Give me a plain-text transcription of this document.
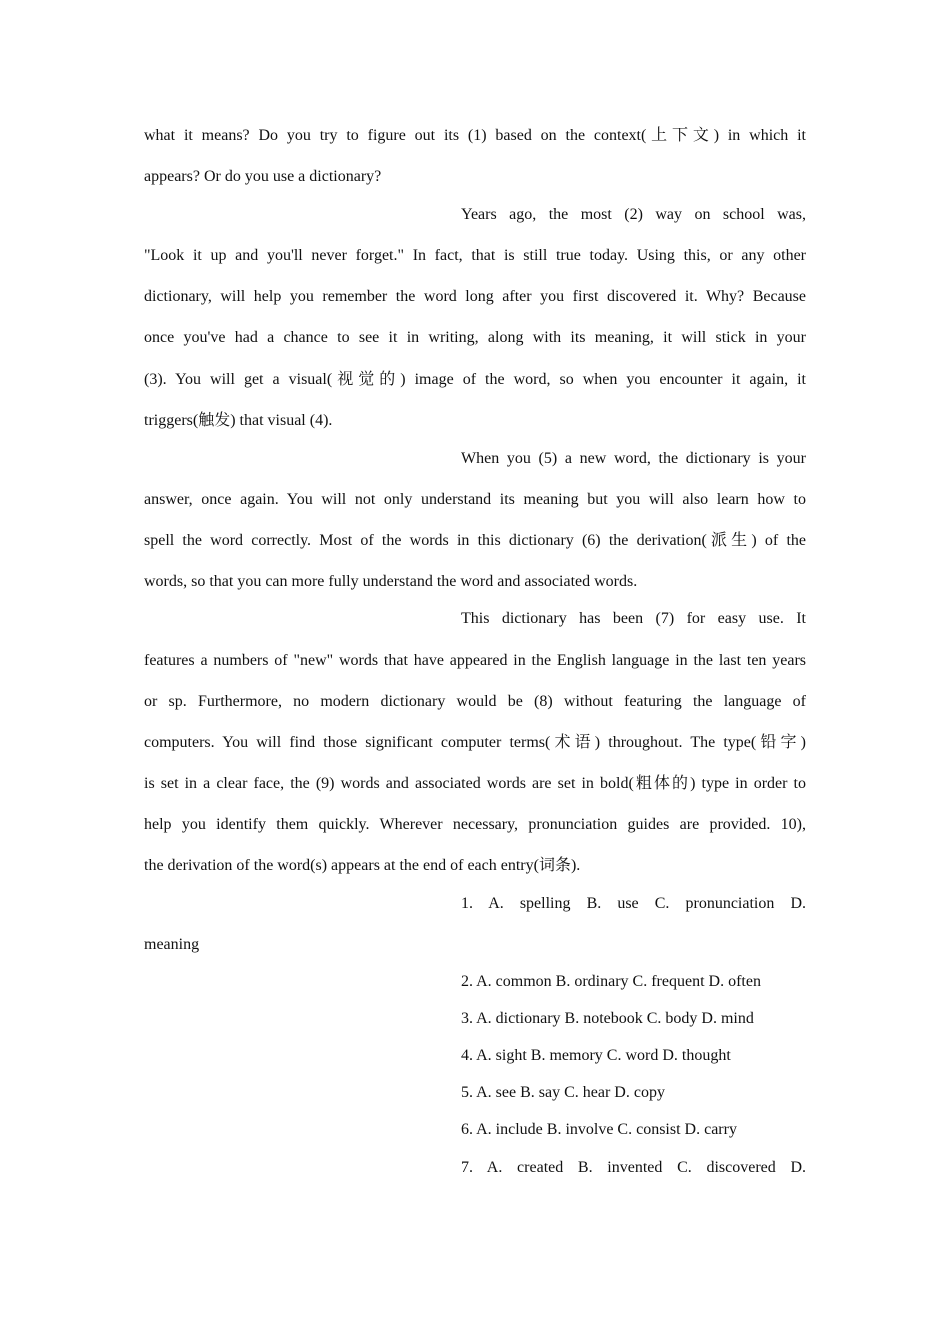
what it means? Do you try to figure out its (1) based on the context(上下文) in which it
appears? Or do you use a dictionary?
Years ago, the most (2) way on school was,
"Look it up and you'll never forget." In fact, that is still true today. Using this, or any other
dictionary, will help you remember the word long after you first discovered it. Why? Because
once you've had a chance to see it in writing, along with its meaning, it will stick in your
(3). You will get a visual(视觉的) image of the word, so when you encounter it again, it
triggers(触发) that visual (4).
When you (5) a new word, the dictionary is your
answer, once again. You will not only understand its meaning but you will also learn how to
spell the word correctly. Most of the words in this dictionary (6) the derivation(派生) of the
words, so that you can more fully understand the word and associated words.
This dictionary has been (7) for easy use. It
features a numbers of "new" words that have appeared in the English language in the last ten years
or sp. Furthermore, no modern dictionary would be (8) without featuring the language of
computers. You will find those significant computer terms(术语) throughout. The type(铅字)
is set in a clear face, the (9) words and associated words are set in bold(粗体的) type in order to
help you identify them quickly. Wherever necessary, pronunciation guides are provided. 10),
the derivation of the word(s) appears at the end of each entry(词条).
1. A. spelling B. use C. pronunciation D.
meaning
2. A. common B. ordinary C. frequent D. often
3. A. dictionary B. notebook C. body D. mind
4. A. sight B. memory C. word D. thought
5. A. see B. say C. hear D. copy
6. A. include B. involve C. consist D. carry
7. A. created B. invented C. discovered D.
